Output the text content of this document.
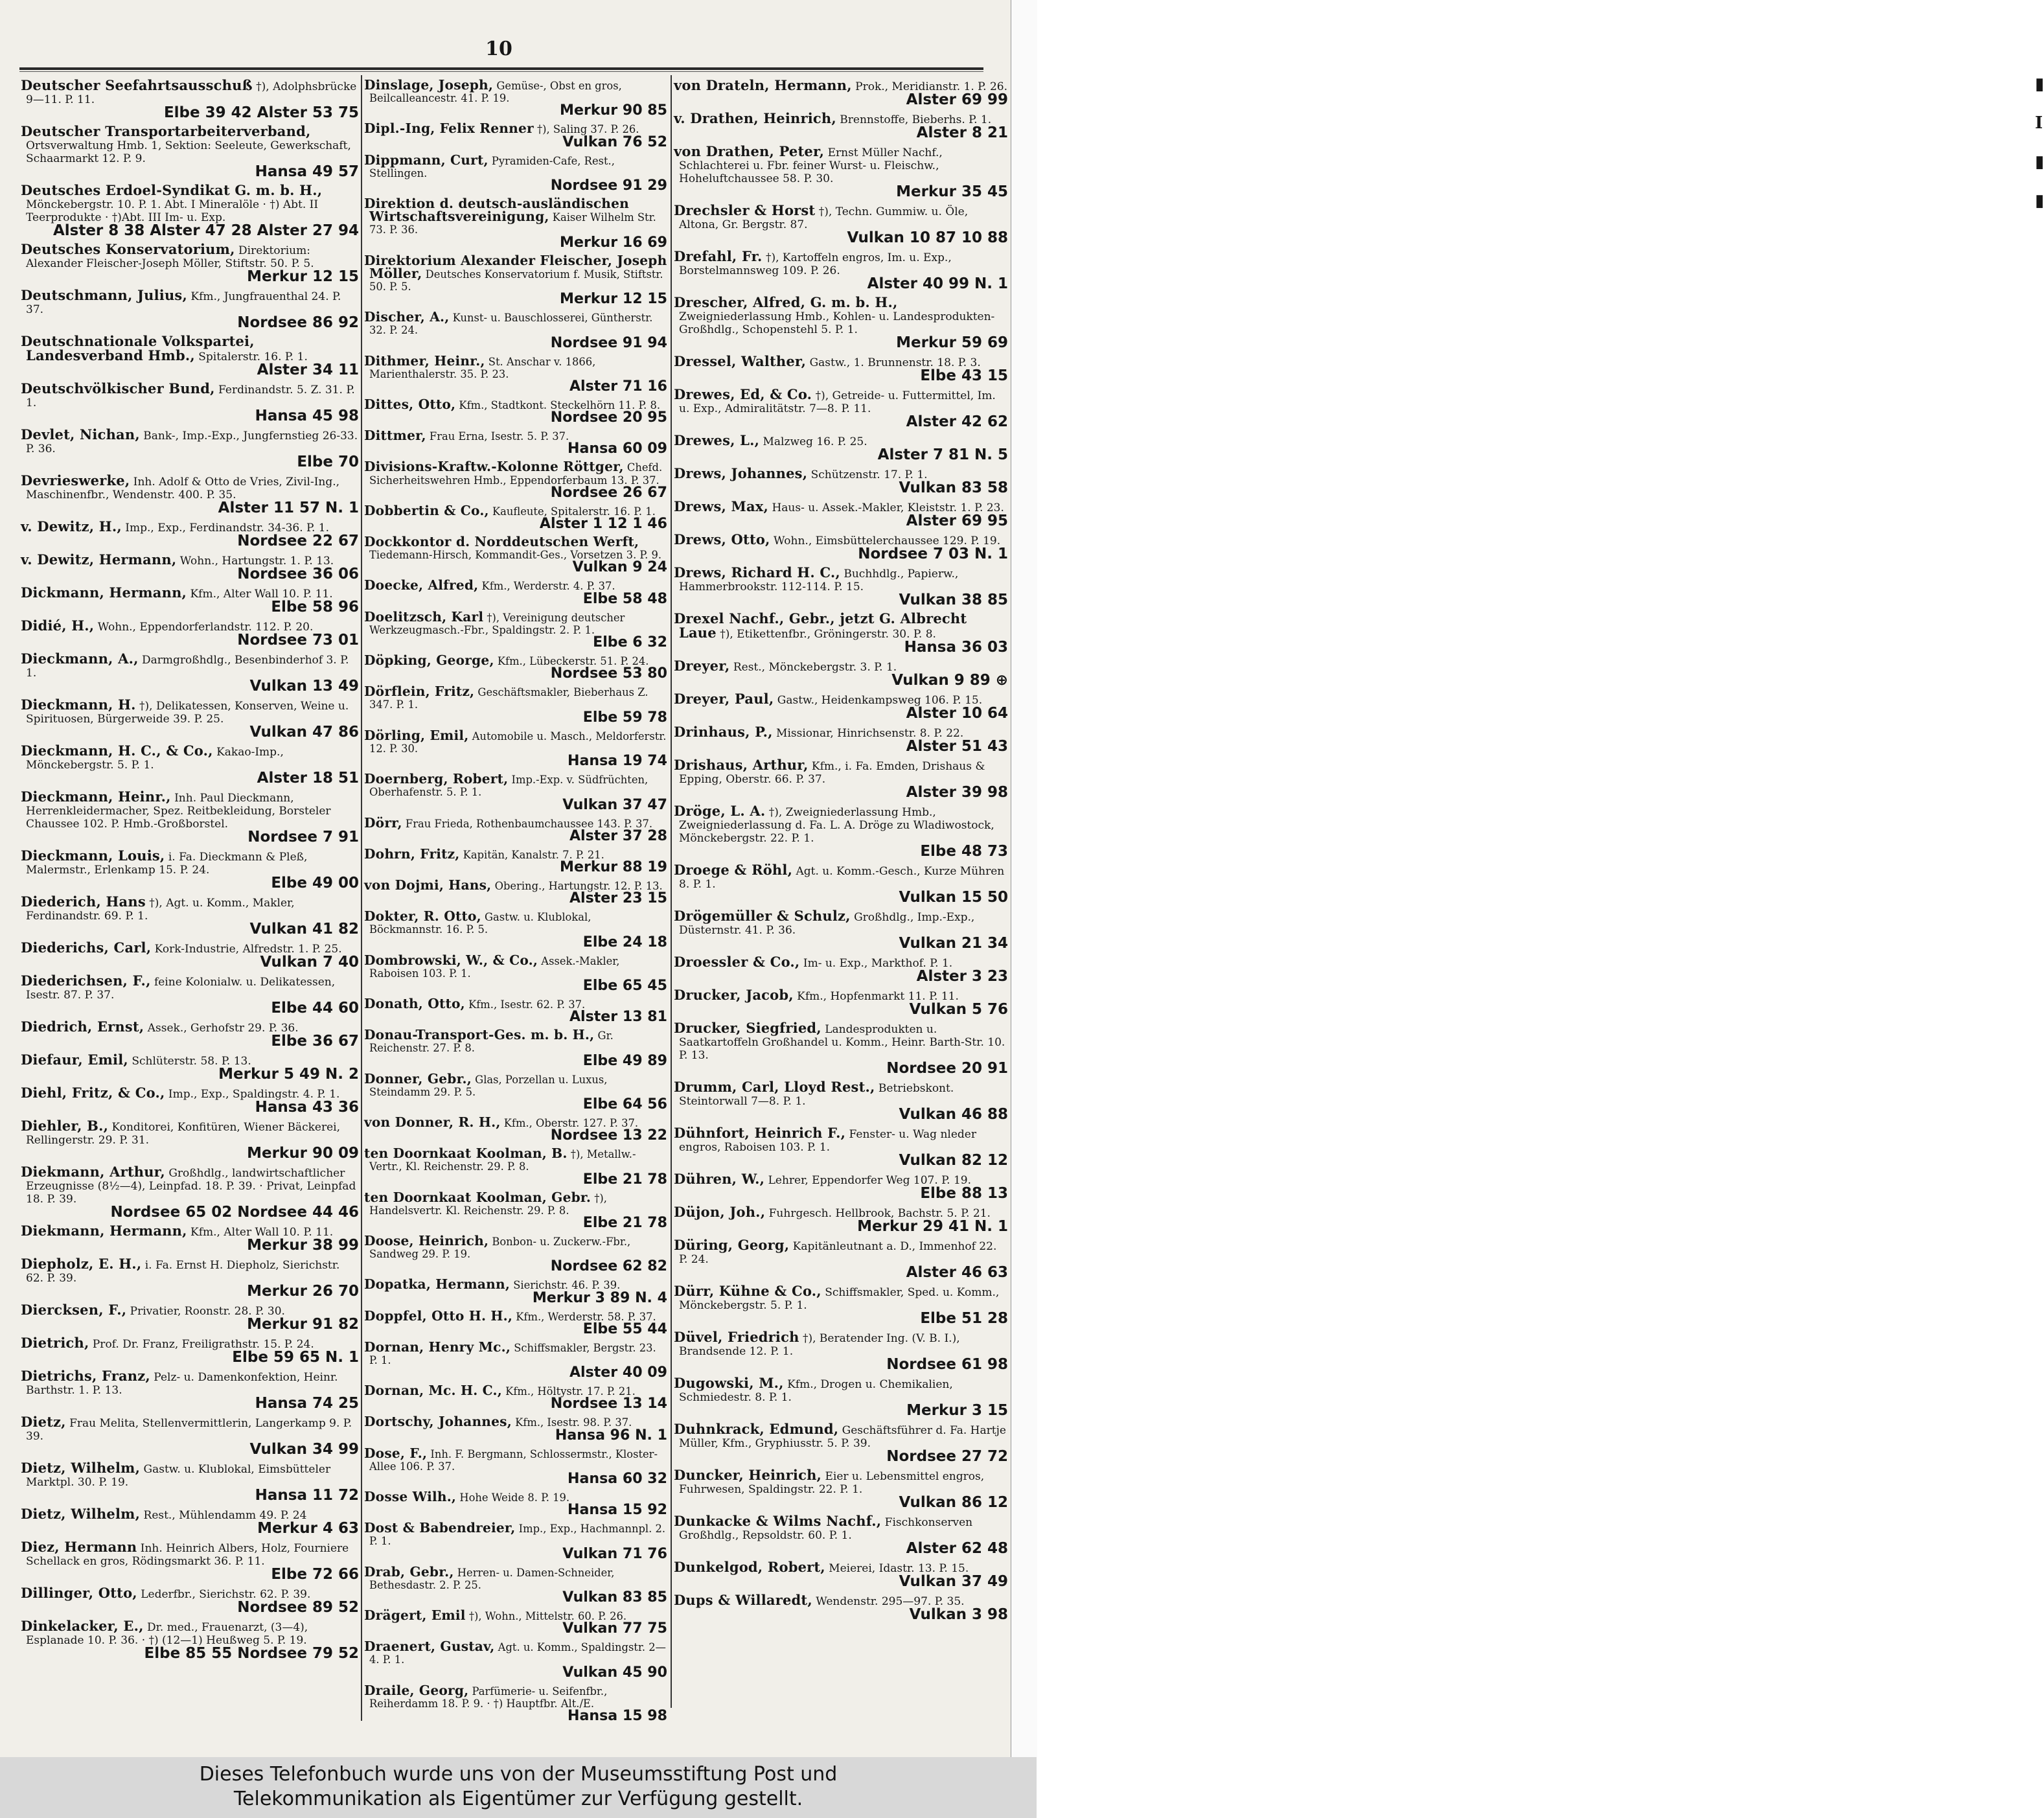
10
Deutscher Seefahrtsausschuß †), Adolphsbrücke 9—11. P. 11.
Elbe 39 42 Alster 53 75
Deutscher Transportarbeiterverband, Ortsverwaltung Hmb. 1, Sektion: Seeleute, Gewerkschaft, Schaarmarkt 12. P. 9.
Hansa 49 57
Deutsches Erdoel-Syndikat G. m. b. H., Mönckebergstr. 10. P. 1. Abt. I Mineralöle · †) Abt. II Teerprodukte · †)Abt. III Im- u. Exp.
Alster 8 38 Alster 47 28 Alster 27 94
Deutsches Konservatorium, Direktorium: Alexander Fleischer-Joseph Möller, Stiftstr. 50. P. 5.
Merkur 12 15
Deutschmann, Julius, Kfm., Jungfrauenthal 24. P. 37.
Nordsee 86 92
Deutschnationale Volkspartei, Landesverband Hmb., Spitalerstr. 16. P. 1.
Alster 34 11
Deutschvölkischer Bund, Ferdinandstr. 5. Z. 31. P. 1.
Hansa 45 98
Devlet, Nichan, Bank-, Imp.-Exp., Jungfernstieg 26-33. P. 36.
Elbe 70
Devrieswerke, Inh. Adolf & Otto de Vries, Zivil-Ing., Maschinenfbr., Wendenstr. 400. P. 35.
Alster 11 57 N. 1
v. Dewitz, H., Imp., Exp., Ferdinandstr. 34-36. P. 1.
Nordsee 22 67
v. Dewitz, Hermann, Wohn., Hartungstr. 1. P. 13.
Nordsee 36 06
Dickmann, Hermann, Kfm., Alter Wall 10. P. 11.
Elbe 58 96
Didié, H., Wohn., Eppendorferlandstr. 112. P. 20.
Nordsee 73 01
Dieckmann, A., Darmgroßhdlg., Besenbinderhof 3. P. 1.
Vulkan 13 49
Dieckmann, H. †), Delikatessen, Konserven, Weine u. Spirituosen, Bürgerweide 39. P. 25.
Vulkan 47 86
Dieckmann, H. C., & Co., Kakao-Imp., Mönckebergstr. 5. P. 1.
Alster 18 51
Dieckmann, Heinr., Inh. Paul Dieckmann, Herrenkleidermacher, Spez. Reitbekleidung, Borsteler Chaussee 102. P. Hmb.-Großborstel.
Nordsee 7 91
Dieckmann, Louis, i. Fa. Dieckmann & Pleß, Malermstr., Erlenkamp 15. P. 24.
Elbe 49 00
Diederich, Hans †), Agt. u. Komm., Makler, Ferdinandstr. 69. P. 1.
Vulkan 41 82
Diederichs, Carl, Kork-Industrie, Alfredstr. 1. P. 25.
Vulkan 7 40
Diederichsen, F., feine Kolonialw. u. Delikatessen, Isestr. 87. P. 37.
Elbe 44 60
Diedrich, Ernst, Assek., Gerhofstr 29. P. 36.
Elbe 36 67
Diefaur, Emil, Schlüterstr. 58. P. 13.
Merkur 5 49 N. 2
Diehl, Fritz, & Co., Imp., Exp., Spaldingstr. 4. P. 1.
Hansa 43 36
Diehler, B., Konditorei, Konfitüren, Wiener Bäckerei, Rellingerstr. 29. P. 31.
Merkur 90 09
Diekmann, Arthur, Großhdlg., landwirtschaftlicher Erzeugnisse (8½—4), Leinpfad. 18. P. 39. · Privat, Leinpfad 18. P. 39.
Nordsee 65 02 Nordsee 44 46
Diekmann, Hermann, Kfm., Alter Wall 10. P. 11.
Merkur 38 99
Diepholz, E. H., i. Fa. Ernst H. Diepholz, Sierichstr. 62. P. 39.
Merkur 26 70
Diercksen, F., Privatier, Roonstr. 28. P. 30.
Merkur 91 82
Dietrich, Prof. Dr. Franz, Freiligrathstr. 15. P. 24.
Elbe 59 65 N. 1
Dietrichs, Franz, Pelz- u. Damenkonfektion, Heinr. Barthstr. 1. P. 13.
Hansa 74 25
Dietz, Frau Melita, Stellenvermittlerin, Langerkamp 9. P. 39.
Vulkan 34 99
Dietz, Wilhelm, Gastw. u. Klublokal, Eimsbütteler Marktpl. 30. P. 19.
Hansa 11 72
Dietz, Wilhelm, Rest., Mühlendamm 49. P. 24
Merkur 4 63
Diez, Hermann Inh. Heinrich Albers, Holz, Fourniere Schellack en gros, Rödingsmarkt 36. P. 11.
Elbe 72 66
Dillinger, Otto, Lederfbr., Sierichstr. 62. P. 39.
Nordsee 89 52
Dinkelacker, E., Dr. med., Frauenarzt, (3—4), Esplanade 10. P. 36. · †) (12—1) Heußweg 5. P. 19.
Elbe 85 55 Nordsee 79 52
Dinslage, Joseph, Gemüse-, Obst en gros, Beilcalleancestr. 41. P. 19.
Merkur 90 85
Dipl.-Ing, Felix Renner †), Saling 37. P. 26.
Vulkan 76 52
Dippmann, Curt, Pyramiden-Cafe, Rest., Stellingen.
Nordsee 91 29
Direktion d. deutsch-ausländischen Wirtschaftsvereinigung, Kaiser Wilhelm Str. 73. P. 36.
Merkur 16 69
Direktorium Alexander Fleischer, Joseph Möller, Deutsches Konservatorium f. Musik, Stiftstr. 50. P. 5.
Merkur 12 15
Discher, A., Kunst- u. Bauschlosserei, Güntherstr. 32. P. 24.
Nordsee 91 94
Dithmer, Heinr., St. Anschar v. 1866, Marienthalerstr. 35. P. 23.
Alster 71 16
Dittes, Otto, Kfm., Stadtkont. Steckelhörn 11. P. 8.
Nordsee 20 95
Dittmer, Frau Erna, Isestr. 5. P. 37.
Hansa 60 09
Divisions-Kraftw.-Kolonne Röttger, Chefd. Sicherheitswehren Hmb., Eppendorferbaum 13. P. 37.
Nordsee 26 67
Dobbertin & Co., Kaufleute, Spitalerstr. 16. P. 1.
Alster 1 12 1 46
Dockkontor d. Norddeutschen Werft, Tiedemann-Hirsch, Kommandit-Ges., Vorsetzen 3. P. 9.
Vulkan 9 24
Doecke, Alfred, Kfm., Werderstr. 4. P. 37.
Elbe 58 48
Doelitzsch, Karl †), Vereinigung deutscher Werkzeugmasch.-Fbr., Spaldingstr. 2. P. 1.
Elbe 6 32
Döpking, George, Kfm., Lübeckerstr. 51. P. 24.
Nordsee 53 80
Dörflein, Fritz, Geschäftsmakler, Bieberhaus Z. 347. P. 1.
Elbe 59 78
Dörling, Emil, Automobile u. Masch., Meldorferstr. 12. P. 30.
Hansa 19 74
Doernberg, Robert, Imp.-Exp. v. Südfrüchten, Oberhafenstr. 5. P. 1.
Vulkan 37 47
Dörr, Frau Frieda, Rothenbaumchaussee 143. P. 37.
Alster 37 28
Dohrn, Fritz, Kapitän, Kanalstr. 7. P. 21.
Merkur 88 19
von Dojmi, Hans, Obering., Hartungstr. 12. P. 13.
Alster 23 15
Dokter, R. Otto, Gastw. u. Klublokal, Böckmannstr. 16. P. 5.
Elbe 24 18
Dombrowski, W., & Co., Assek.-Makler, Raboisen 103. P. 1.
Elbe 65 45
Donath, Otto, Kfm., Isestr. 62. P. 37.
Alster 13 81
Donau-Transport-Ges. m. b. H., Gr. Reichenstr. 27. P. 8.
Elbe 49 89
Donner, Gebr., Glas, Porzellan u. Luxus, Steindamm 29. P. 5.
Elbe 64 56
von Donner, R. H., Kfm., Oberstr. 127. P. 37.
Nordsee 13 22
ten Doornkaat Koolman, B. †), Metallw.-Vertr., Kl. Reichenstr. 29. P. 8.
Elbe 21 78
ten Doornkaat Koolman, Gebr. †), Handelsvertr. Kl. Reichenstr. 29. P. 8.
Elbe 21 78
Doose, Heinrich, Bonbon- u. Zuckerw.-Fbr., Sandweg 29. P. 19.
Nordsee 62 82
Dopatka, Hermann, Sierichstr. 46. P. 39.
Merkur 3 89 N. 4
Doppfel, Otto H. H., Kfm., Werderstr. 58. P. 37.
Elbe 55 44
Dornan, Henry Mc., Schiffsmakler, Bergstr. 23. P. 1.
Alster 40 09
Dornan, Mc. H. C., Kfm., Höltystr. 17. P. 21.
Nordsee 13 14
Dortschy, Johannes, Kfm., Isestr. 98. P. 37.
Hansa 96 N. 1
Dose, F., Inh. F. Bergmann, Schlossermstr., Kloster-Allee 106. P. 37.
Hansa 60 32
Dosse Wilh., Hohe Weide 8. P. 19.
Hansa 15 92
Dost & Babendreier, Imp., Exp., Hachmannpl. 2. P. 1.
Vulkan 71 76
Drab, Gebr., Herren- u. Damen-Schneider, Bethesdastr. 2. P. 25.
Vulkan 83 85
Drägert, Emil †), Wohn., Mittelstr. 60. P. 26.
Vulkan 77 75
Draenert, Gustav, Agt. u. Komm., Spaldingstr. 2—4. P. 1.
Vulkan 45 90
Draile, Georg, Parfümerie- u. Seifenfbr., Reiherdamm 18. P. 9. · †) Hauptfbr. Alt./E.
Hansa 15 98
von Drateln, Hermann, Prok., Meridianstr. 1. P. 26.
Alster 69 99
v. Drathen, Heinrich, Brennstoffe, Bieberhs. P. 1.
Alster 8 21
von Drathen, Peter, Ernst Müller Nachf., Schlachterei u. Fbr. feiner Wurst- u. Fleischw., Hoheluftchaussee 58. P. 30.
Merkur 35 45
Drechsler & Horst †), Techn. Gummiw. u. Öle, Altona, Gr. Bergstr. 87.
Vulkan 10 87 10 88
Drefahl, Fr. †), Kartoffeln engros, Im. u. Exp., Borstelmannsweg 109. P. 26.
Alster 40 99 N. 1
Drescher, Alfred, G. m. b. H., Zweigniederlassung Hmb., Kohlen- u. Landesprodukten-Großhdlg., Schopenstehl 5. P. 1.
Merkur 59 69
Dressel, Walther, Gastw., 1. Brunnenstr. 18. P. 3.
Elbe 43 15
Drewes, Ed, & Co. †), Getreide- u. Futtermittel, Im. u. Exp., Admiralitätstr. 7—8. P. 11.
Alster 42 62
Drewes, L., Malzweg 16. P. 25.
Alster 7 81 N. 5
Drews, Johannes, Schützenstr. 17. P. 1.
Vulkan 83 58
Drews, Max, Haus- u. Assek.-Makler, Kleiststr. 1. P. 23.
Alster 69 95
Drews, Otto, Wohn., Eimsbüttelerchaussee 129. P. 19.
Nordsee 7 03 N. 1
Drews, Richard H. C., Buchhdlg., Papierw., Hammerbrookstr. 112-114. P. 15.
Vulkan 38 85
Drexel Nachf., Gebr., jetzt G. Albrecht Laue †), Etikettenfbr., Gröningerstr. 30. P. 8.
Hansa 36 03
Dreyer, Rest., Mönckebergstr. 3. P. 1.
Vulkan 9 89 ⊕
Dreyer, Paul, Gastw., Heidenkampsweg 106. P. 15.
Alster 10 64
Drinhaus, P., Missionar, Hinrichsenstr. 8. P. 22.
Alster 51 43
Drishaus, Arthur, Kfm., i. Fa. Emden, Drishaus & Epping, Oberstr. 66. P. 37.
Alster 39 98
Dröge, L. A. †), Zweigniederlassung Hmb., Zweigniederlassung d. Fa. L. A. Dröge zu Wladiwostock, Mönckebergstr. 22. P. 1.
Elbe 48 73
Droege & Röhl, Agt. u. Komm.-Gesch., Kurze Mühren 8. P. 1.
Vulkan 15 50
Drögemüller & Schulz, Großhdlg., Imp.-Exp., Düsternstr. 41. P. 36.
Vulkan 21 34
Droessler & Co., Im- u. Exp., Markthof. P. 1.
Alster 3 23
Drucker, Jacob, Kfm., Hopfenmarkt 11. P. 11.
Vulkan 5 76
Drucker, Siegfried, Landesprodukten u. Saatkartoffeln Großhandel u. Komm., Heinr. Barth-Str. 10. P. 13.
Nordsee 20 91
Drumm, Carl, Lloyd Rest., Betriebskont. Steintorwall 7—8. P. 1.
Vulkan 46 88
Dühnfort, Heinrich F., Fenster- u. Wag nleder engros, Raboisen 103. P. 1.
Vulkan 82 12
Dühren, W., Lehrer, Eppendorfer Weg 107. P. 19.
Elbe 88 13
Düjon, Joh., Fuhrgesch. Hellbrook, Bachstr. 5. P. 21.
Merkur 29 41 N. 1
Düring, Georg, Kapitänleutnant a. D., Immenhof 22. P. 24.
Alster 46 63
Dürr, Kühne & Co., Schiffsmakler, Sped. u. Komm., Mönckebergstr. 5. P. 1.
Elbe 51 28
Düvel, Friedrich †), Beratender Ing. (V. B. I.), Brandsende 12. P. 1.
Nordsee 61 98
Dugowski, M., Kfm., Drogen u. Chemikalien, Schmiedestr. 8. P. 1.
Merkur 3 15
Duhnkrack, Edmund, Geschäftsführer d. Fa. Hartje Müller, Kfm., Gryphiusstr. 5. P. 39.
Nordsee 27 72
Duncker, Heinrich, Eier u. Lebensmittel engros, Fuhrwesen, Spaldingstr. 22. P. 1.
Vulkan 86 12
Dunkacke & Wilms Nachf., Fischkonserven Großhdlg., Repsoldstr. 60. P. 1.
Alster 62 48
Dunkelgod, Robert, Meierei, Idastr. 13. P. 15.
Vulkan 37 49
Dups & Willaredt, Wendenstr. 295—97. P. 35.
Vulkan 3 98
▮
I
▮
▮
Dieses Telefonbuch wurde uns von der Museumsstiftung Post und
Telekommunikation als Eigentümer zur Verfügung gestellt.
